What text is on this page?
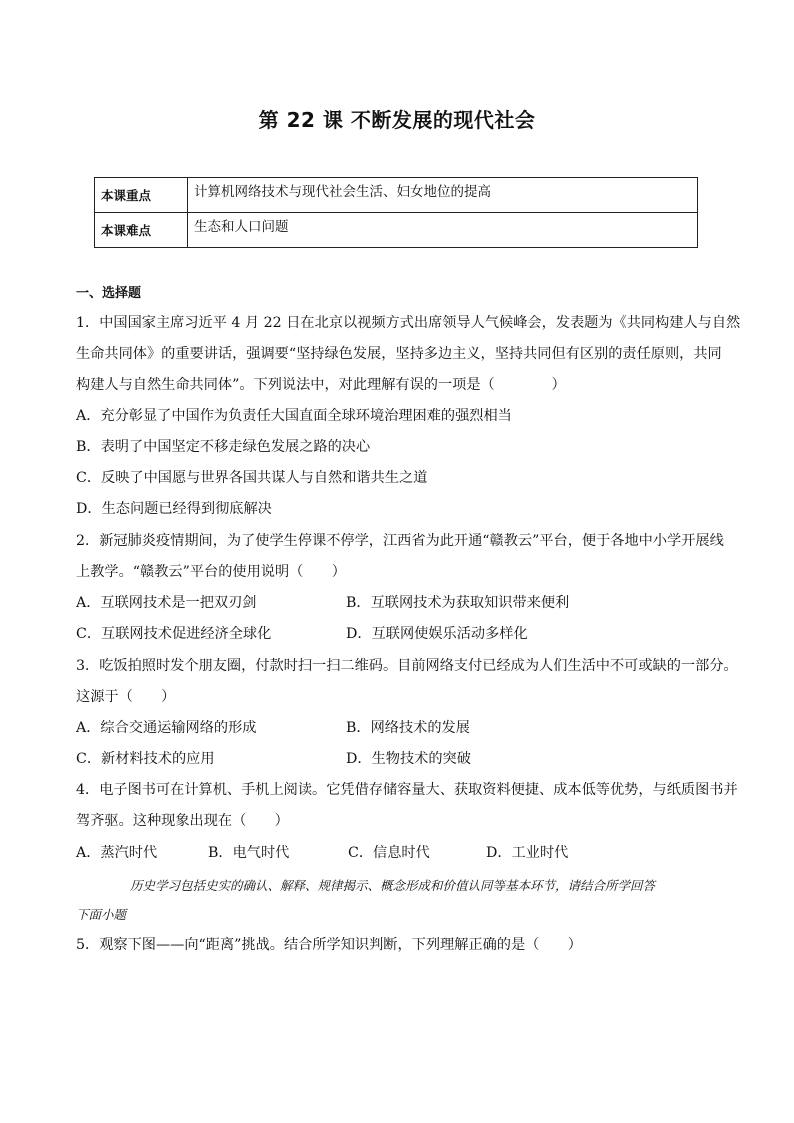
第 22 课 不断发展的现代社会
本课重点	计算机网络技术与现代社会生活、妇女地位的提高
本课难点	生态和人口问题
一、选择题
1．中国国家主席习近平 4 月 22 日在北京以视频方式出席领导人气候峰会，发表题为《共同构建人与自然
生命共同体》的重要讲话，强调要“坚持绿色发展，坚持多边主义，坚持共同但有区别的责任原则，共同
构建人与自然生命共同体”。下列说法中，对此理解有误的一项是（　　　　）
A．充分彰显了中国作为负责任大国直面全球环境治理困难的强烈相当
B．表明了中国坚定不移走绿色发展之路的决心
C．反映了中国愿与世界各国共谋人与自然和谐共生之道
D．生态问题已经得到彻底解决
2．新冠肺炎疫情期间，为了使学生停课不停学，江西省为此开通“赣教云”平台，便于各地中小学开展线
上教学。“赣教云”平台的使用说明（　　）
A．互联网技术是一把双刃剑	B．互联网技术为获取知识带来便利
C．互联网技术促进经济全球化	D．互联网使娱乐活动多样化
3．吃饭拍照时发个朋友圈，付款时扫一扫二维码。目前网络支付已经成为人们生活中不可或缺的一部分。
这源于（　　）
A．综合交通运输网络的形成	B．网络技术的发展
C．新材料技术的应用	D．生物技术的突破
4．电子图书可在计算机、手机上阅读。它凭借存储容量大、获取资料便捷、成本低等优势，与纸质图书并
驾齐驱。这种现象出现在（　　）
A．蒸汽时代	B．电气时代	C．信息时代	D．工业时代
历史学习包括史实的确认、解释、规律揭示、概念形成和价值认同等基本环节，请结合所学回答
下面小题
5．观察下图——向“距离”挑战。结合所学知识判断，下列理解正确的是（　　）
